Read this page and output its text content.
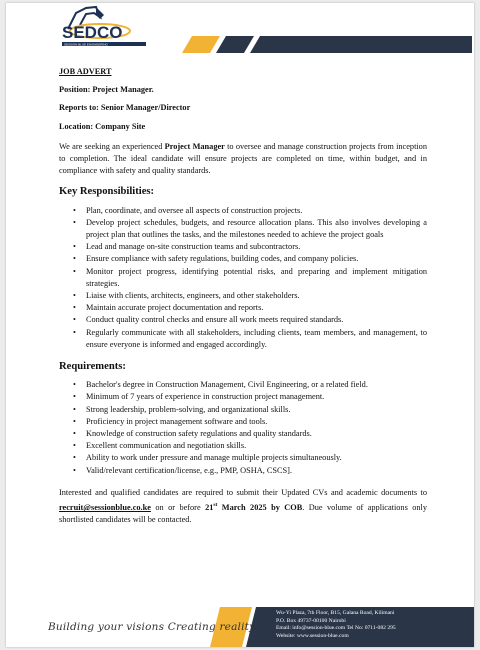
SEDCO
SESSION BLUE ENGINEERING

JOB ADVERT

Position: Project Manager.

Reports to: Senior Manager/Director

Location: Company Site

We are seeking an experienced Project Manager to oversee and manage construction projects from inception to completion. The ideal candidate will ensure projects are completed on time, within budget, and in compliance with safety and quality standards.

Key Responsibilities:

• Plan, coordinate, and oversee all aspects of construction projects.
• Develop project schedules, budgets, and resource allocation plans. This also involves developing a project plan that outlines the tasks, and the milestones needed to achieve the project goals
• Lead and manage on-site construction teams and subcontractors.
• Ensure compliance with safety regulations, building codes, and company policies.
• Monitor project progress, identifying potential risks, and preparing and implement mitigation strategies.
• Liaise with clients, architects, engineers, and other stakeholders.
• Maintain accurate project documentation and reports.
• Conduct quality control checks and ensure all work meets required standards.
• Regularly communicate with all stakeholders, including clients, team members, and management, to ensure everyone is informed and engaged accordingly.

Requirements:

• Bachelor's degree in Construction Management, Civil Engineering, or a related field.
• Minimum of 7 years of experience in construction project management.
• Strong leadership, problem-solving, and organizational skills.
• Proficiency in project management software and tools.
• Knowledge of construction safety regulations and quality standards.
• Excellent communication and negotiation skills.
• Ability to work under pressure and manage multiple projects simultaneously.
• Valid/relevant certification/license, e.g., PMP, OSHA, CSCS].

Interested and qualified candidates are required to submit their Updated CVs and academic documents to recruit@sessionblue.co.ke on or before 21st March 2025 by COB. Due volume of applications only shortlisted candidates will be contacted.

Building your visions Creating reality
Wu-Yi Plaza, 7th Floor, B15, Galana Road, Kilimani
P.O. Box 49737-00100 Nairobi
Email: info@session-blue.com Tel No: 0711-082 295
Website: www.session-blue.com
